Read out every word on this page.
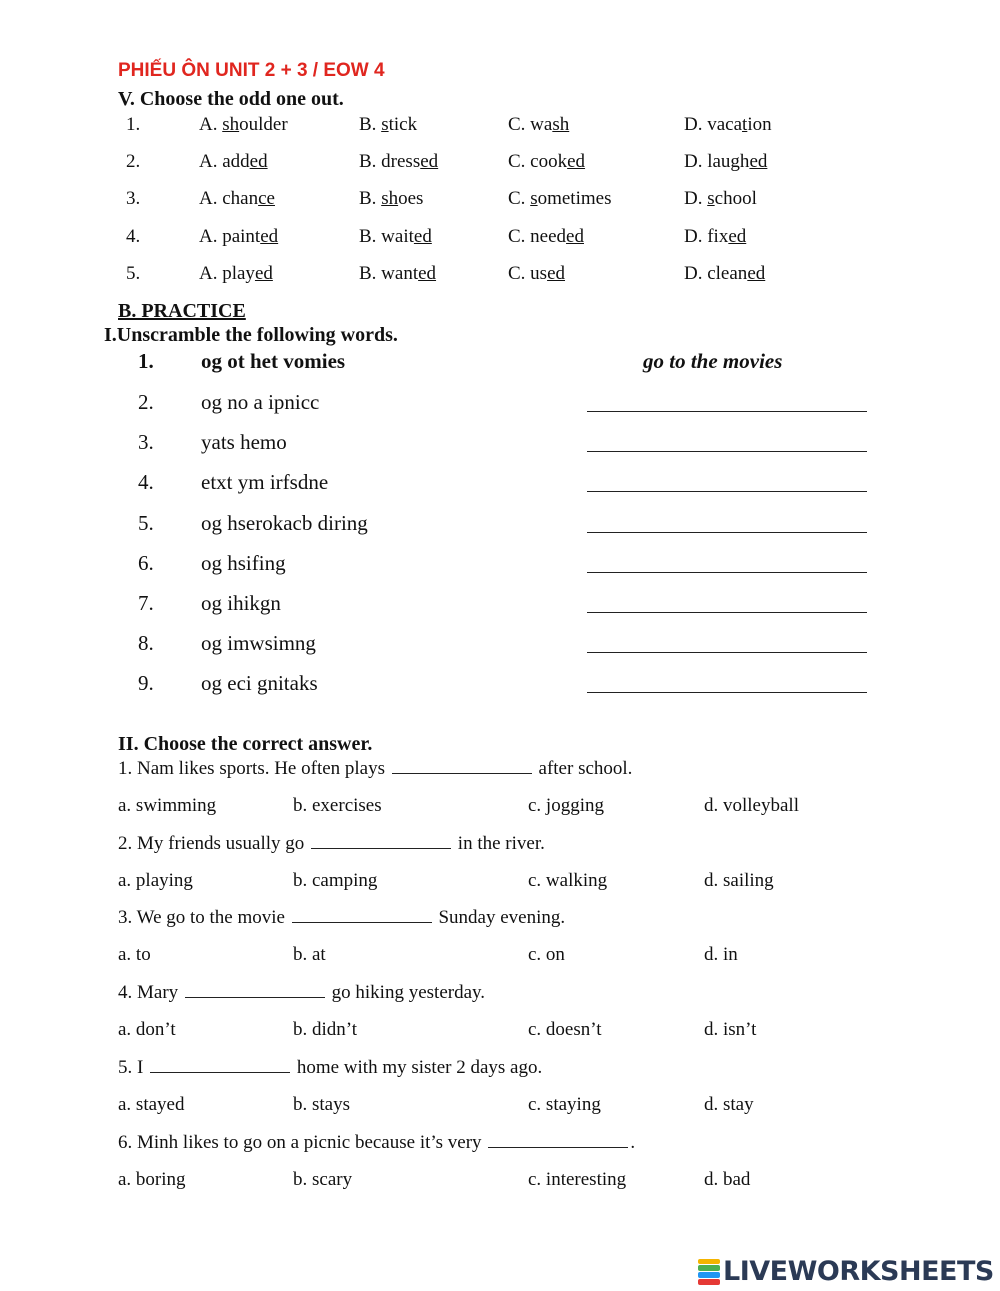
PHIẾU ÔN UNIT 2 + 3 / EOW 4
V. Choose the odd one out.
1.	A. shoulder	B. stick	C. wash	D. vacation
2.	A. added	B. dressed	C. cooked	D. laughed
3.	A. chance	B. shoes	C. sometimes	D. school
4.	A. painted	B. waited	C. needed	D. fixed
5.	A. played	B. wanted	C. used	D. cleaned
B. PRACTICE
I.Unscramble the following words.
1. og ot het vomies	go to the movies
2. og no a ipnicc
3. yats hemo
4. etxt ym irfsdne
5. og hserokacb diring
6. og hsifing
7. og ihikgn
8. og imwsimng
9. og eci gnitaks
II. Choose the correct answer.
1. Nam likes sports. He often plays	after school.
a. swimming	b. exercises	c. jogging	d. volleyball
2. My friends usually go	in the river.
a. playing	b. camping	c. walking	d. sailing
3. We go to the movie	Sunday evening.
a. to	b. at	c. on	d. in
4. Mary	go hiking yesterday.
a. don’t	b. didn’t	c. doesn’t	d. isn’t
5. I	home with my sister 2 days ago.
a. stayed	b. stays	c. staying	d. stay
6. Minh likes to go on a picnic because it’s very	.
a. boring	b. scary	c. interesting	d. bad
LIVEWORKSHEETS
